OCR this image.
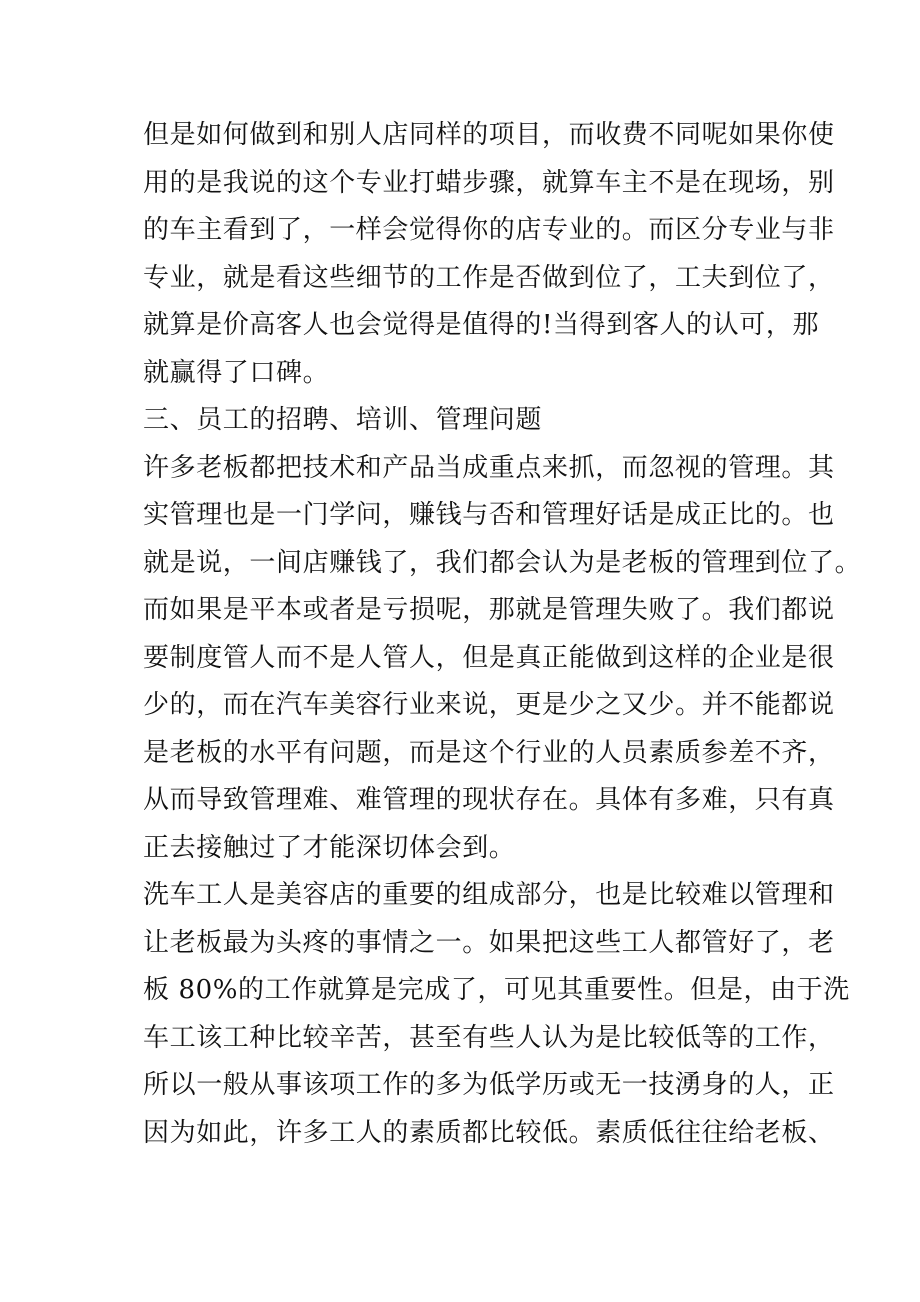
但是如何做到和别人店同样的项目，而收费不同呢如果你使
用的是我说的这个专业打蜡步骤，就算车主不是在现场，别
的车主看到了，一样会觉得你的店专业的。而区分专业与非
专业，就是看这些细节的工作是否做到位了，工夫到位了，
就算是价高客人也会觉得是值得的!当得到客人的认可，那
就赢得了口碑。
三、员工的招聘、培训、管理问题
许多老板都把技术和产品当成重点来抓，而忽视的管理。其
实管理也是一门学问，赚钱与否和管理好话是成正比的。也
就是说，一间店赚钱了，我们都会认为是老板的管理到位了。
而如果是平本或者是亏损呢，那就是管理失败了。我们都说
要制度管人而不是人管人，但是真正能做到这样的企业是很
少的，而在汽车美容行业来说，更是少之又少。并不能都说
是老板的水平有问题，而是这个行业的人员素质参差不齐，
从而导致管理难、难管理的现状存在。具体有多难，只有真
正去接触过了才能深切体会到。
洗车工人是美容店的重要的组成部分，也是比较难以管理和
让老板最为头疼的事情之一。如果把这些工人都管好了，老
板 80%的工作就算是完成了，可见其重要性。但是，由于洗
车工该工种比较辛苦，甚至有些人认为是比较低等的工作，
所以一般从事该项工作的多为低学历或无一技湧身的人，正
因为如此，许多工人的素质都比较低。素质低往往给老板、
